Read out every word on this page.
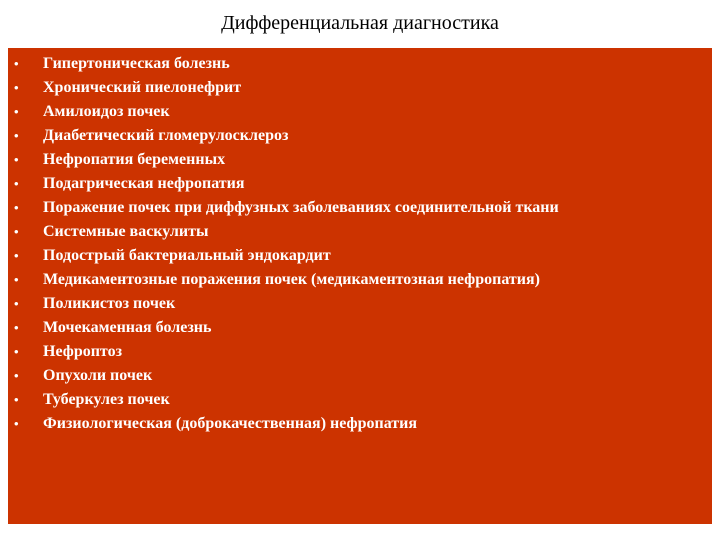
Дифференциальная диагностика
•	Гипертоническая болезнь
•	Хронический пиелонефрит
•	Амилоидоз почек
•	Диабетический гломерулосклероз
•	Нефропатия беременных
•	Подагрическая нефропатия
•	Поражение почек при диффузных заболеваниях соединительной ткани
•	Системные васкулиты
•	Подострый бактериальный эндокардит
•	Медикаментозные поражения почек (медикаментозная нефропатия)
•	Поликистоз почек
•	Мочекаменная болезнь
•	Нефроптоз
•	Опухоли почек
•	Туберкулез почек
•	Физиологическая (доброкачественная) нефропатия
